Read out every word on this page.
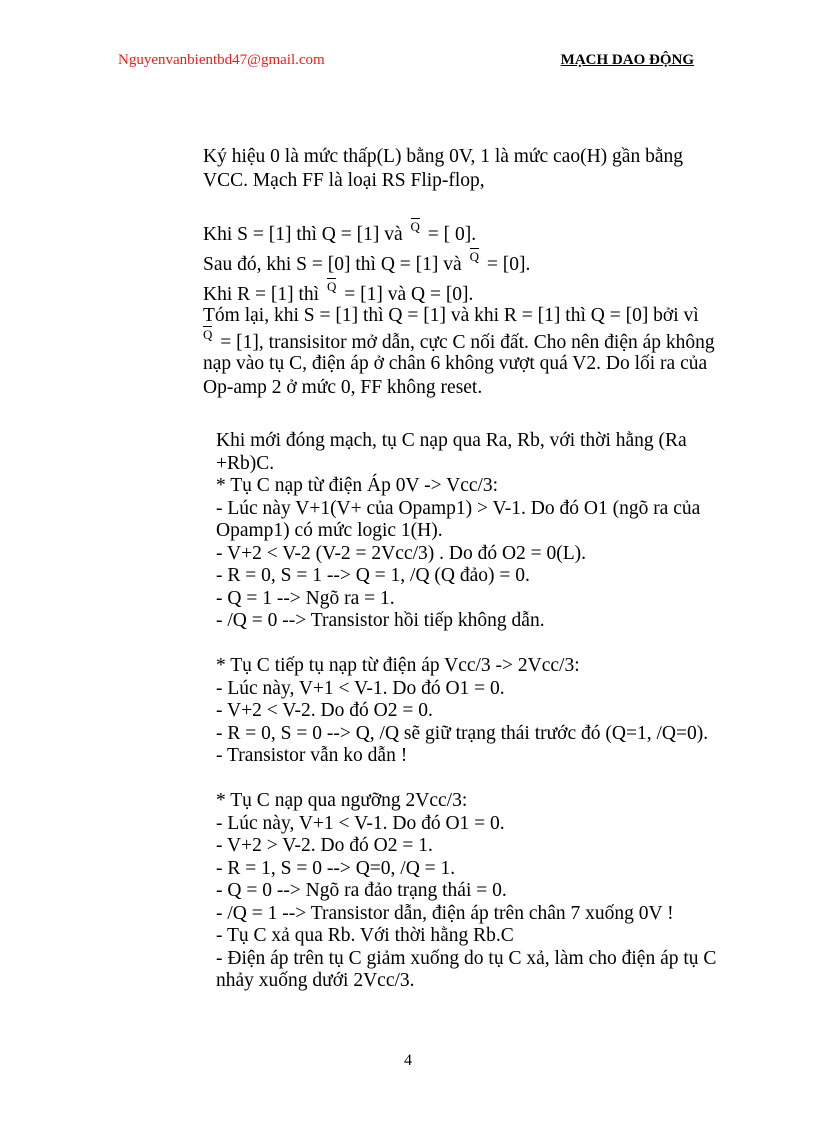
Nguyenvanbientbd47@gmail.com	MẠCH DAO ĐỘNG
Ký hiệu 0 là mức thấp(L) bằng 0V, 1 là mức cao(H) gần bằng
VCC. Mạch FF là loại RS Flip-flop,
Khi S = [1] thì Q = [1] và Q = [ 0].
Sau đó, khi S = [0] thì Q = [1] và Q = [0].
Khi R = [1] thì Q = [1] và Q = [0].
Tóm lại, khi S = [1] thì Q = [1] và khi R = [1] thì Q = [0] bởi vì
Q = [1], transisitor mở dẫn, cực C nối đất. Cho nên điện áp không
nạp vào tụ C, điện áp ở chân 6 không vượt quá V2. Do lối ra của
Op-amp 2 ở mức 0, FF không reset.
Khi mới đóng mạch, tụ C nạp qua Ra, Rb, với thời hằng (Ra
+Rb)C.
* Tụ C nạp từ điện Áp 0V -> Vcc/3:
- Lúc này V+1(V+ của Opamp1) > V-1. Do đó O1 (ngõ ra của
Opamp1) có mức logic 1(H).
- V+2 < V-2 (V-2 = 2Vcc/3) . Do đó O2 = 0(L).
- R = 0, S = 1 --> Q = 1, /Q (Q đảo) = 0.
- Q = 1 --> Ngõ ra = 1.
- /Q = 0 --> Transistor hồi tiếp không dẫn.
* Tụ C tiếp tụ nạp từ điện áp Vcc/3 -> 2Vcc/3:
- Lúc này, V+1 < V-1. Do đó O1 = 0.
- V+2 < V-2. Do đó O2 = 0.
- R = 0, S = 0 --> Q, /Q sẽ giữ trạng thái trước đó (Q=1, /Q=0).
- Transistor vẫn ko dẫn !
* Tụ C nạp qua ngưỡng 2Vcc/3:
- Lúc này, V+1 < V-1. Do đó O1 = 0.
- V+2 > V-2. Do đó O2 = 1.
- R = 1, S = 0 --> Q=0, /Q = 1.
- Q = 0 --> Ngõ ra đảo trạng thái = 0.
- /Q = 1 --> Transistor dẫn, điện áp trên chân 7 xuống 0V !
- Tụ C xả qua Rb. Với thời hằng Rb.C
- Điện áp trên tụ C giảm xuống do tụ C xả, làm cho điện áp tụ C
nhảy xuống dưới 2Vcc/3.
4
